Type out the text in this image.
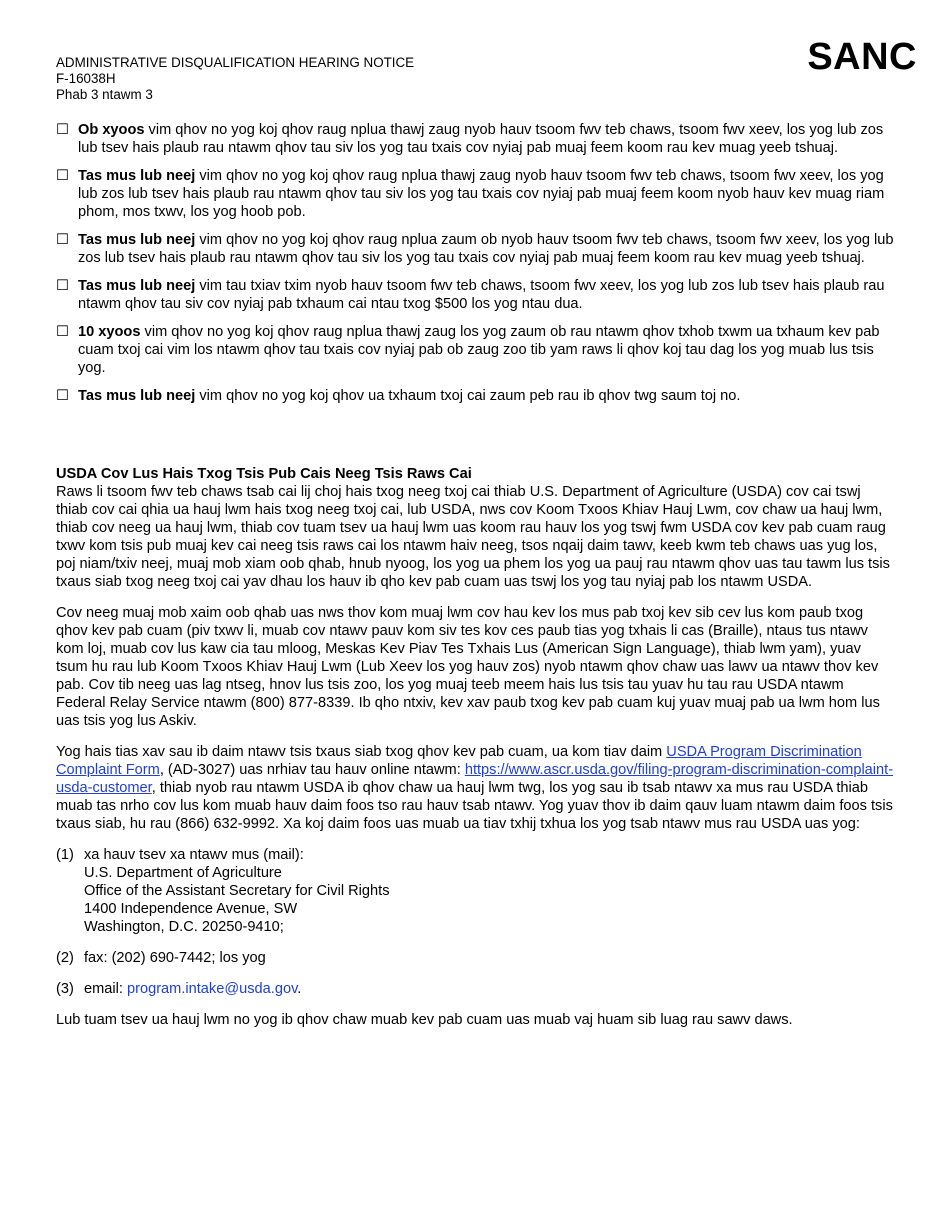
ADMINISTRATIVE DISQUALIFICATION HEARING NOTICE
F-16038H
Phab 3 ntawm 3
SANC
☐ Ob xyoos vim qhov no yog koj qhov raug nplua thawj zaug nyob hauv tsoom fwv teb chaws, tsoom fwv xeev, los yog lub zos lub tsev hais plaub rau ntawm qhov tau siv los yog tau txais cov nyiaj pab muaj feem koom rau kev muag yeeb tshuaj.
☐ Tas mus lub neej vim qhov no yog koj qhov raug nplua thawj zaug nyob hauv tsoom fwv teb chaws, tsoom fwv xeev, los yog lub zos lub tsev hais plaub rau ntawm qhov tau siv los yog tau txais cov nyiaj pab muaj feem koom nyob hauv kev muag riam phom, mos txwv, los yog hoob pob.
☐ Tas mus lub neej vim qhov no yog koj qhov raug nplua zaum ob nyob hauv tsoom fwv teb chaws, tsoom fwv xeev, los yog lub zos lub tsev hais plaub rau ntawm qhov tau siv los yog tau txais cov nyiaj pab muaj feem koom rau kev muag yeeb tshuaj.
☐ Tas mus lub neej vim tau txiav txim nyob hauv tsoom fwv teb chaws, tsoom fwv xeev, los yog lub zos lub tsev hais plaub rau ntawm qhov tau siv cov nyiaj pab txhaum cai ntau txog $500 los yog ntau dua.
☐ 10 xyoos vim qhov no yog koj qhov raug nplua thawj zaug los yog zaum ob rau ntawm qhov txhob txwm ua txhaum kev pab cuam txoj cai vim los ntawm qhov tau txais cov nyiaj pab ob zaug zoo tib yam raws li qhov koj tau dag los yog muab lus tsis yog.
☐ Tas mus lub neej vim qhov no yog koj qhov ua txhaum txoj cai zaum peb rau ib qhov twg saum toj no.
USDA Cov Lus Hais Txog Tsis Pub Cais Neeg Tsis Raws Cai

Raws li tsoom fwv teb chaws tsab cai lij choj hais txog neeg txoj cai thiab U.S. Department of Agriculture (USDA) cov cai tswj thiab cov cai qhia ua hauj lwm hais txog neeg txoj cai, lub USDA, nws cov Koom Txoos Khiav Hauj Lwm, cov chaw ua hauj lwm, thiab cov neeg ua hauj lwm, thiab cov tuam tsev ua hauj lwm uas koom rau hauv los yog tswj fwm USDA cov kev pab cuam raug txwv kom tsis pub muaj kev cai neeg tsis raws cai los ntawm haiv neeg, tsos nqaij daim tawv, keeb kwm teb chaws uas yug los, poj niam/txiv neej, muaj mob xiam oob qhab, hnub nyoog, los yog ua phem los yog ua pauj rau ntawm qhov uas tau tawm lus tsis txaus siab txog neeg txoj cai yav dhau los hauv ib qho kev pab cuam uas tswj los yog tau nyiaj pab los ntawm USDA.

Cov neeg muaj mob xaim oob qhab uas nws thov kom muaj lwm cov hau kev los mus pab txoj kev sib cev lus kom paub txog qhov kev pab cuam (piv txwv li, muab cov ntawv pauv kom siv tes kov ces paub tias yog txhais li cas (Braille), ntaus tus ntawv kom loj, muab cov lus kaw cia tau mloog, Meskas Kev Piav Tes Txhais Lus (American Sign Language), thiab lwm yam), yuav tsum hu rau lub Koom Txoos Khiav Hauj Lwm (Lub Xeev los yog hauv zos) nyob ntawm qhov chaw uas lawv ua ntawv thov kev pab. Cov tib neeg uas lag ntseg, hnov lus tsis zoo, los yog muaj teeb meem hais lus tsis tau yuav hu tau rau USDA ntawm Federal Relay Service ntawm (800) 877-8339. Ib qho ntxiv, kev xav paub txog kev pab cuam kuj yuav muaj pab ua lwm hom lus uas tsis yog lus Askiv.

Yog hais tias xav sau ib daim ntawv tsis txaus siab txog qhov kev pab cuam, ua kom tiav daim USDA Program Discrimination Complaint Form, (AD-3027) uas nrhiav tau hauv online ntawm: https://www.ascr.usda.gov/filing-program-discrimination-complaint-usda-customer, thiab nyob rau ntawm USDA ib qhov chaw ua hauj lwm twg, los yog sau ib tsab ntawv xa mus rau USDA thiab muab tas nrho cov lus kom muab hauv daim foos tso rau hauv tsab ntawv. Yog yuav thov ib daim qauv luam ntawm daim foos tsis txaus siab, hu rau (866) 632-9992. Xa koj daim foos uas muab ua tiav txhij txhua los yog tsab ntawv mus rau USDA uas yog:

(1) xa hauv tsev xa ntawv mus (mail):
U.S. Department of Agriculture
Office of the Assistant Secretary for Civil Rights
1400 Independence Avenue, SW
Washington, D.C. 20250-9410;
(2) fax: (202) 690-7442; los yog
(3) email: program.intake@usda.gov.

Lub tuam tsev ua hauj lwm no yog ib qhov chaw muab kev pab cuam uas muab vaj huam sib luag rau sawv daws.
